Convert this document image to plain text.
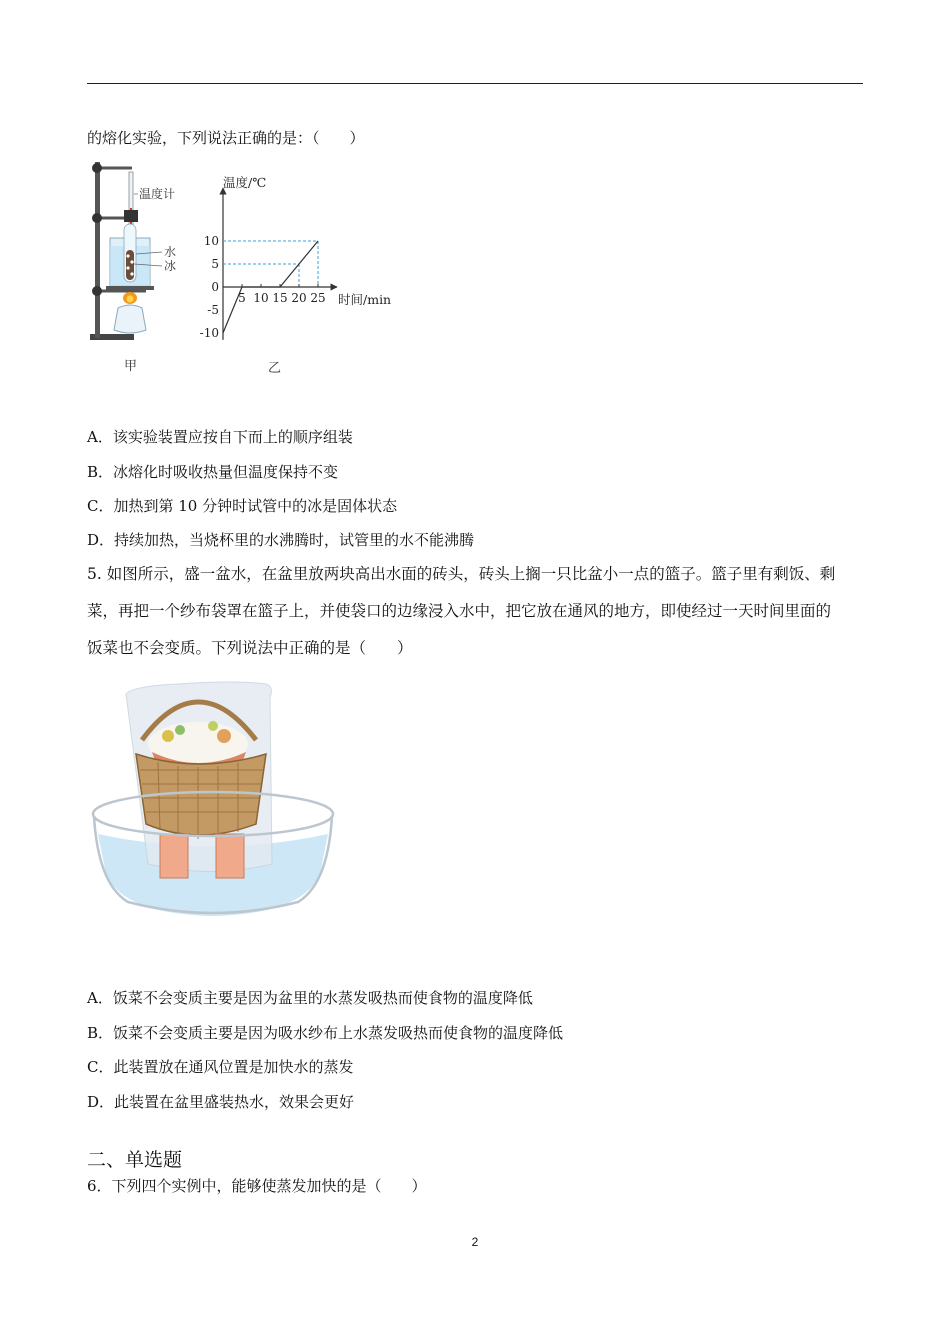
的熔化实验，下列说法正确的是：（　　）
温度计
水
冰
甲
-10
-5
0
5
10
5 10 15 20 25
温度/℃
时间/min
乙
A．该实验装置应按自下而上的顺序组装
B．冰熔化时吸收热量但温度保持不变
C．加热到第 10 分钟时试管中的冰是固体状态
D．持续加热，当烧杯里的水沸腾时，试管里的水不能沸腾
5. 如图所示，盛一盆水，在盆里放两块高出水面的砖头，砖头上搁一只比盆小一点的篮子。篮子里有剩饭、剩
菜，再把一个纱布袋罩在篮子上，并使袋口的边缘浸入水中，把它放在通风的地方，即使经过一天时间里面的
饭菜也不会变质。下列说法中正确的是（　　）
A．饭菜不会变质主要是因为盆里的水蒸发吸热而使食物的温度降低
B．饭菜不会变质主要是因为吸水纱布上水蒸发吸热而使食物的温度降低
C．此装置放在通风位置是加快水的蒸发
D．此装置在盆里盛装热水，效果会更好
二、单选题
6．下列四个实例中，能够使蒸发加快的是（　　）
2
